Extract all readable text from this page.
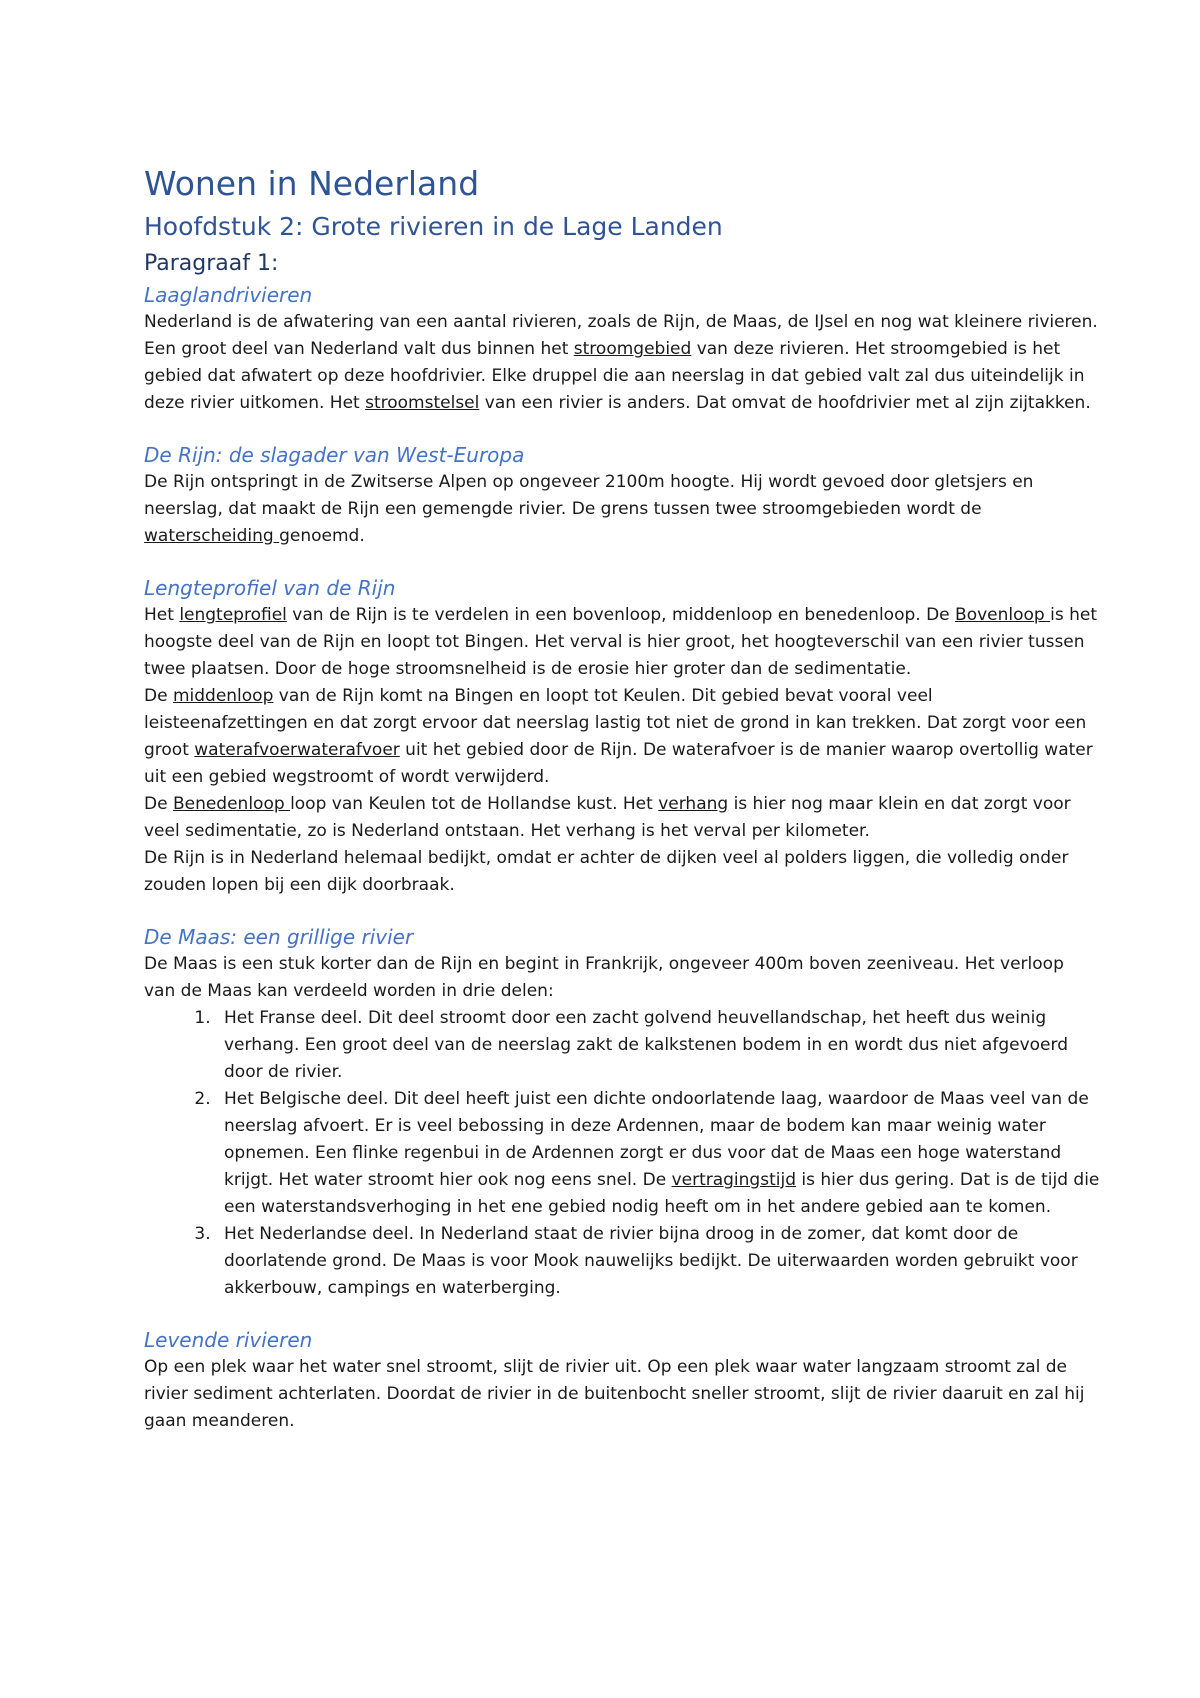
Wonen in Nederland
Hoofdstuk 2: Grote rivieren in de Lage Landen
Paragraaf 1:
Laaglandrivieren

Nederland is de afwatering van een aantal rivieren, zoals de Rijn, de Maas, de IJsel en nog wat kleinere rivieren. Een groot deel van Nederland valt dus binnen het stroomgebied van deze rivieren. Het stroomgebied is het gebied dat afwatert op deze hoofdrivier. Elke druppel die aan neerslag in dat gebied valt zal dus uiteindelijk in deze rivier uitkomen. Het stroomstelsel van een rivier is anders. Dat omvat de hoofdrivier met al zijn zijtakken.

De Rijn: de slagader van West-Europa

De Rijn ontspringt in de Zwitserse Alpen op ongeveer 2100m hoogte. Hij wordt gevoed door gletsjers en neerslag, dat maakt de Rijn een gemengde rivier. De grens tussen twee stroomgebieden wordt de waterscheiding genoemd.

Lengteprofiel van de Rijn

Het lengteprofiel van de Rijn is te verdelen in een bovenloop, middenloop en benedenloop. De Bovenloop is het hoogste deel van de Rijn en loopt tot Bingen. Het verval is hier groot, het hoogteverschil van een rivier tussen twee plaatsen. Door de hoge stroomsnelheid is de erosie hier groter dan de sedimentatie.

De middenloop van de Rijn komt na Bingen en loopt tot Keulen. Dit gebied bevat vooral veel leisteenafzettingen en dat zorgt ervoor dat neerslag lastig tot niet de grond in kan trekken. Dat zorgt voor een groot waterafvoerwaterafvoer uit het gebied door de Rijn. De waterafvoer is de manier waarop overtollig water uit een gebied wegstroomt of wordt verwijderd.

De Benedenloop loop van Keulen tot de Hollandse kust. Het verhang is hier nog maar klein en dat zorgt voor veel sedimentatie, zo is Nederland ontstaan. Het verhang is het verval per kilometer.

De Rijn is in Nederland helemaal bedijkt, omdat er achter de dijken veel al polders liggen, die volledig onder zouden lopen bij een dijk doorbraak.

De Maas: een grillige rivier

De Maas is een stuk korter dan de Rijn en begint in Frankrijk, ongeveer 400m boven zeeniveau. Het verloop van de Maas kan verdeeld worden in drie delen:

1. Het Franse deel. Dit deel stroomt door een zacht golvend heuvellandschap, het heeft dus weinig verhang. Een groot deel van de neerslag zakt de kalkstenen bodem in en wordt dus niet afgevoerd door de rivier.
2. Het Belgische deel. Dit deel heeft juist een dichte ondoorlatende laag, waardoor de Maas veel van de neerslag afvoert. Er is veel bebossing in deze Ardennen, maar de bodem kan maar weinig water opnemen. Een flinke regenbui in de Ardennen zorgt er dus voor dat de Maas een hoge waterstand krijgt. Het water stroomt hier ook nog eens snel. De vertragingstijd is hier dus gering. Dat is de tijd die een waterstandsverhoging in het ene gebied nodig heeft om in het andere gebied aan te komen.
3. Het Nederlandse deel. In Nederland staat de rivier bijna droog in de zomer, dat komt door de doorlatende grond. De Maas is voor Mook nauwelijks bedijkt. De uiterwaarden worden gebruikt voor akkerbouw, campings en waterberging.
Levende rivieren

Op een plek waar het water snel stroomt, slijt de rivier uit. Op een plek waar water langzaam stroomt zal de rivier sediment achterlaten. Doordat de rivier in de buitenbocht sneller stroomt, slijt de rivier daaruit en zal hij gaan meanderen.
